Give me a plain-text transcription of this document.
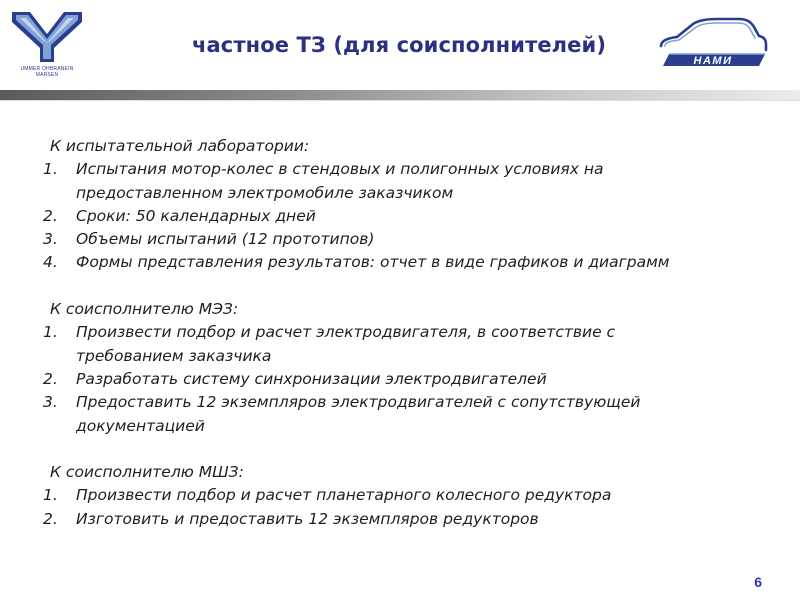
UMMER OHBRANEIN MARSEN
частное ТЗ (для соисполнителей)
НАМИ
К испытательной лаборатории:
1. Испытания мотор-колес в стендовых и полигонных условиях на
предоставленном электромобиле заказчиком
2. Сроки: 50 календарных дней
3. Объемы испытаний (12 прототипов)
4. Формы представления результатов: отчет в виде графиков и диаграмм
К соисполнителю МЭЗ:
1. Произвести подбор и расчет электродвигателя, в соответствие с
требованием заказчика
2. Разработать систему синхронизации электродвигателей
3. Предоставить 12 экземпляров электродвигателей с сопутствующей
документацией
К соисполнителю МШЗ:
1. Произвести подбор и расчет планетарного колесного редуктора
2. Изготовить и предоставить 12 экземпляров редукторов
6
